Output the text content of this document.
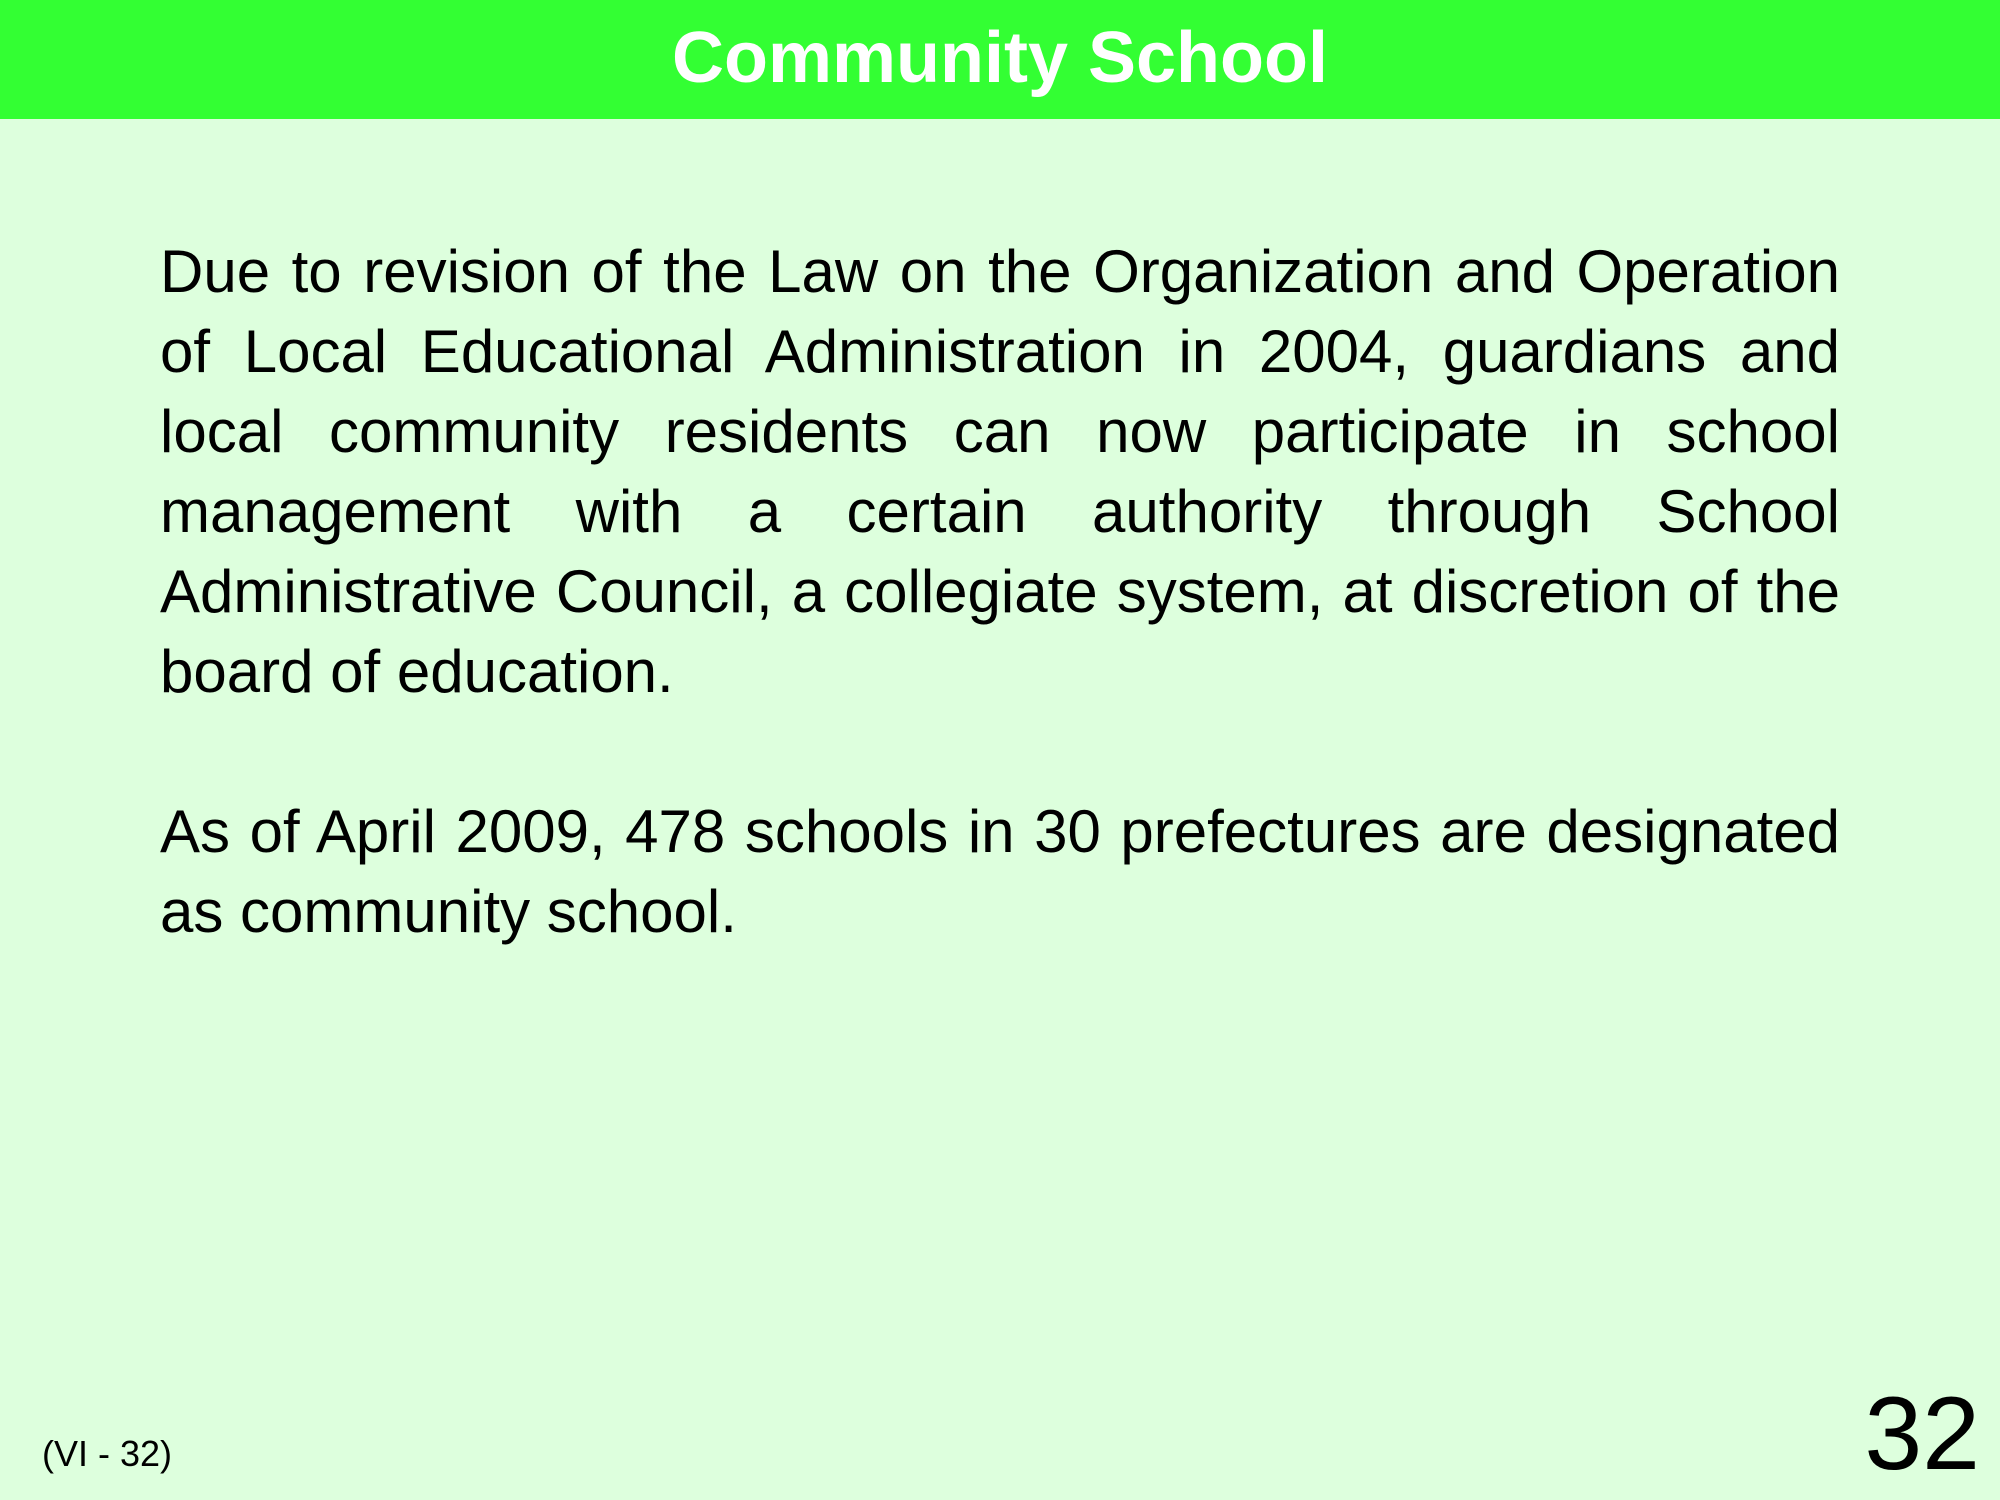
Community School

Due to revision of the Law on the Organization and Operation of Local Educational Administration in 2004, guardians and local community residents can now participate in school management with a certain authority through School Administrative Council, a collegiate system, at discretion of the board of education.

As of April 2009, 478 schools in 30 prefectures are designated as community school.

(VI - 32)	32
